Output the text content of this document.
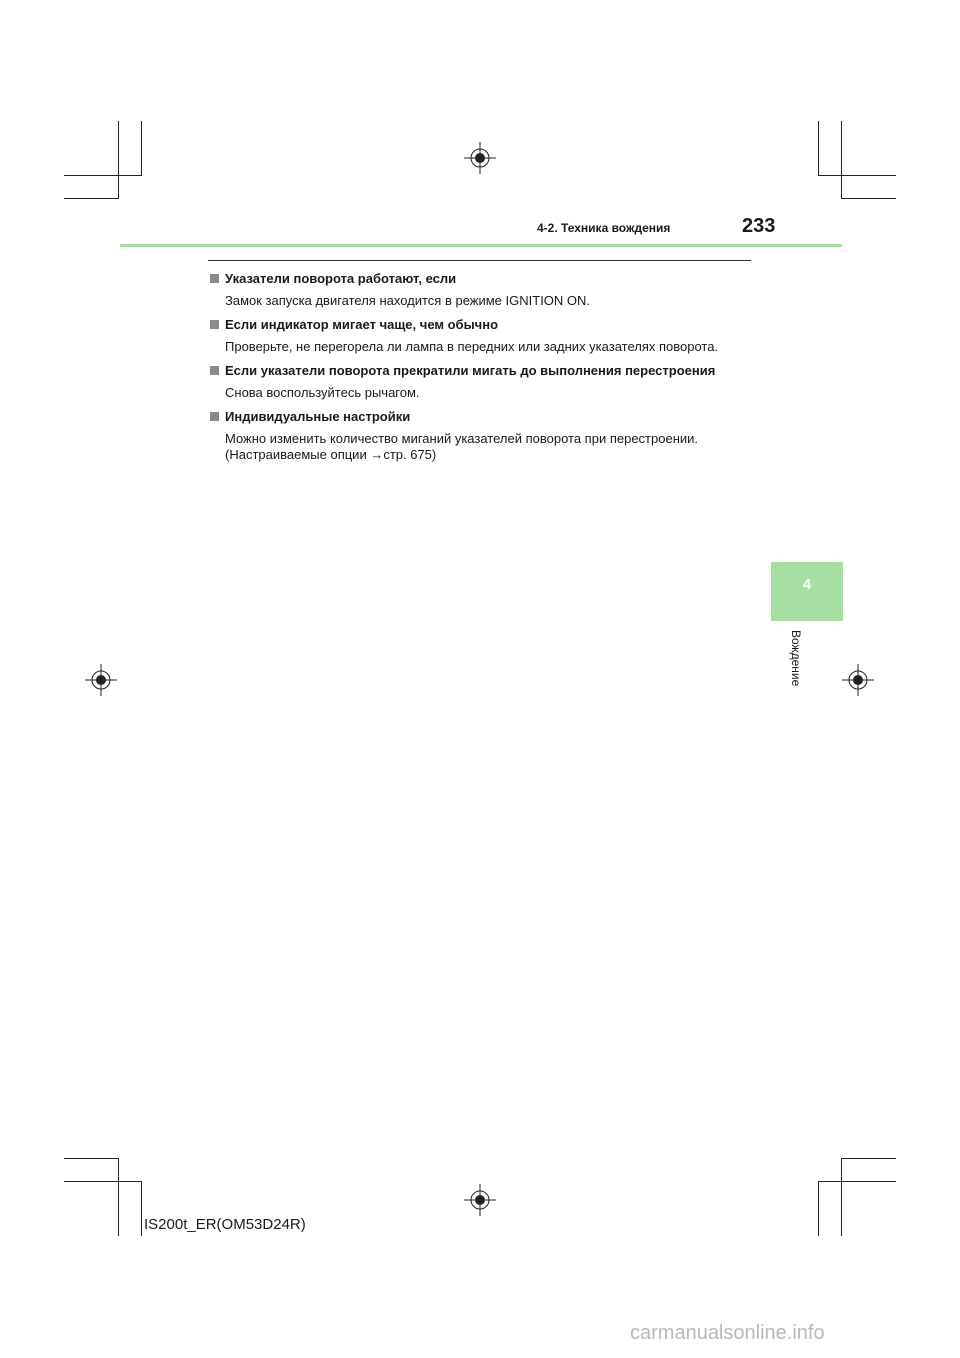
4-2. Техника вождения	233
Указатели поворота работают, если
Замок запуска двигателя находится в режиме IGNITION ON.
Если индикатор мигает чаще, чем обычно
Проверьте, не перегорела ли лампа в передних или задних указателях поворота.
Если указатели поворота прекратили мигать до выполнения перестроения
Снова воспользуйтесь рычагом.
Индивидуальные настройки
Можно изменить количество миганий указателей поворота при перестроении.
(Настраиваемые опции →стр. 675)
4
Вождение
IS200t_ER(OM53D24R)
carmanualsonline.info
